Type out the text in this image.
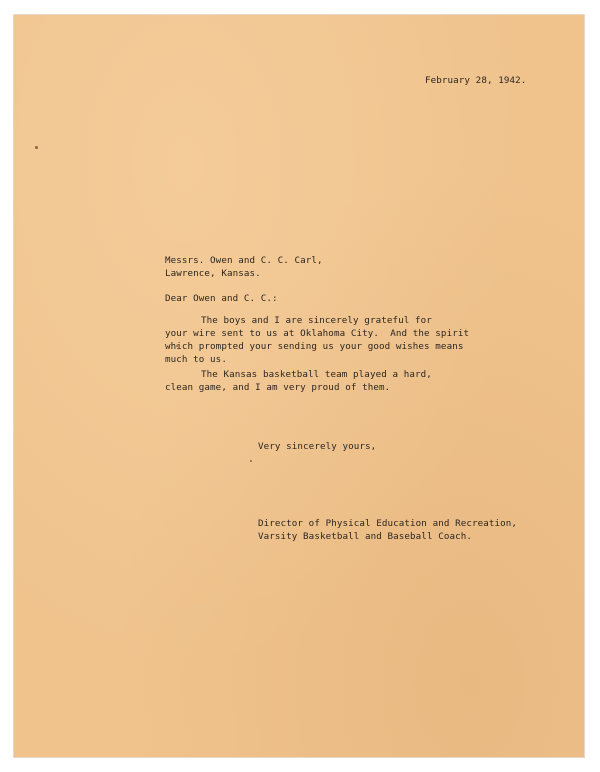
February 28, 1942.

Messrs. Owen and C. C. Carl,

Lawrence, Kansas.

Dear Owen and C. C.:

The boys and I are sincerely grateful for

your wire sent to us at Oklahoma City.  And the spirit

which prompted your sending us your good wishes means

much to us.

The Kansas basketball team played a hard,

clean game, and I am very proud of them.

Very sincerely yours,

Director of Physical Education and Recreation,

Varsity Basketball and Baseball Coach.
